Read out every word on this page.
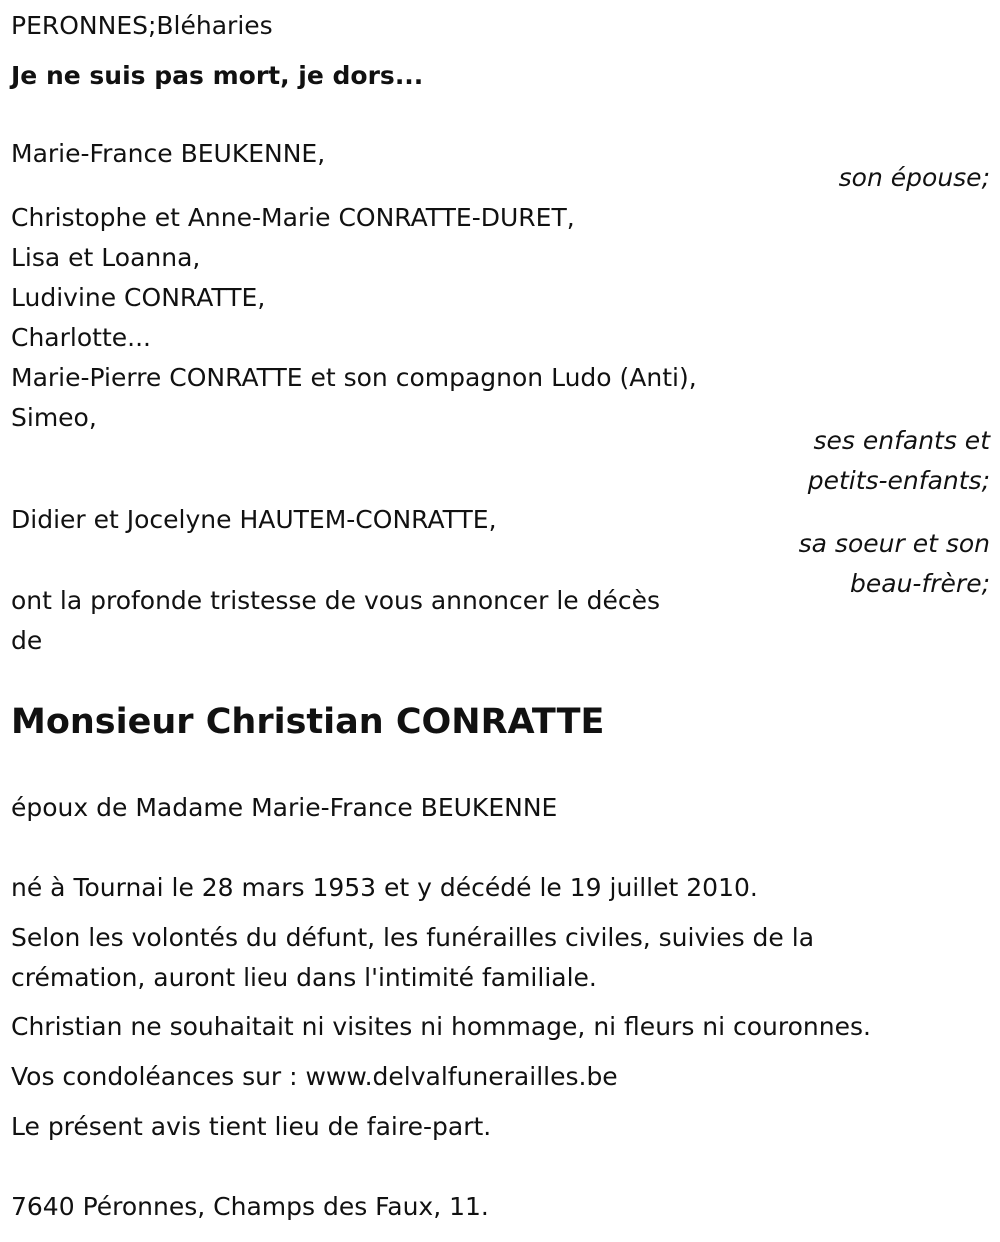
PERONNES;Bléharies
Je ne suis pas mort, je dors...
Marie-France BEUKENNE,
son épouse;
Christophe et Anne-Marie CONRATTE-DURET,
Lisa et Loanna,
Ludivine CONRATTE,
Charlotte...
Marie-Pierre CONRATTE et son compagnon Ludo (Anti),
Simeo,
ses enfants et
petits-enfants;
Didier et Jocelyne HAUTEM-CONRATTE,
sa soeur et son
beau-frère;
ont la profonde tristesse de vous annoncer le décès
de
Monsieur Christian CONRATTE
époux de Madame Marie-France BEUKENNE
né à Tournai le 28 mars 1953 et y décédé le 19 juillet 2010.
Selon les volontés du défunt, les funérailles civiles, suivies de la
crémation, auront lieu dans l'intimité familiale.
Christian ne souhaitait ni visites ni hommage, ni fleurs ni couronnes.
Vos condoléances sur : www.delvalfunerailles.be
Le présent avis tient lieu de faire-part.
7640 Péronnes, Champs des Faux, 11.
